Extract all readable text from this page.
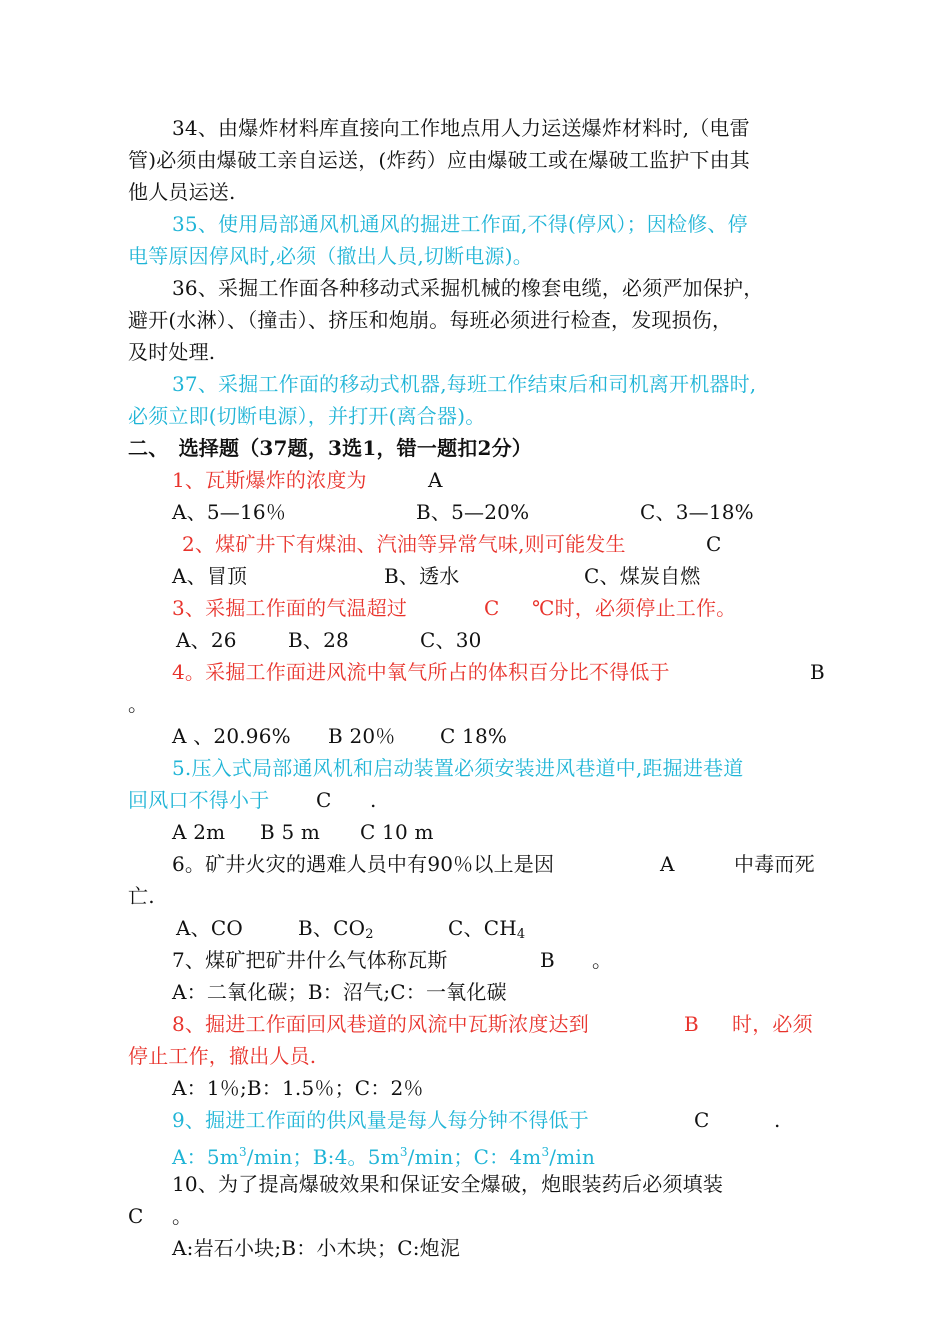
34、由爆炸材料库直接向工作地点用人力运送爆炸材料时,（电雷
管)必须由爆破工亲自运送，(炸药）应由爆破工或在爆破工监护下由其
他人员运送.
35、使用局部通风机通风的掘进工作面,不得(停风）；因检修、停
电等原因停风时,必须（撤出人员,切断电源)。
36、采掘工作面各种移动式采掘机械的橡套电缆，必须严加保护，
避开(水淋）、（撞击）、挤压和炮崩。每班必须进行检查，发现损伤，
及时处理.
37、采掘工作面的移动式机器,每班工作结束后和司机离开机器时,
必须立即(切断电源），并打开(离合器)。
二、　选择题（37题，3选1，错一题扣2分）
1、瓦斯爆炸的浓度为	A
A、5—16％	B、5—20%	C、3—18%
2、煤矿井下有煤油、汽油等异常气味,则可能发生	C
A、冒顶	B、透水	C、煤炭自燃
3、采掘工作面的气温超过	C ℃时，必须停止工作。
A、26	B、28	C、30
4。采掘工作面进风流中氧气所占的体积百分比不得低于	B
。
A 、20.96% B 20％ C 18%
5.压入式局部通风机和启动装置必须安装进风巷道中,距掘进巷道
回风口不得小于 C .
A 2m B 5 m C 10 m
6。矿井火灾的遇难人员中有90％以上是因	A	中毒而死
亡.
A、CO	B、$CO_2$	C、$CH_4$
7、煤矿把矿井什么气体称瓦斯	B 。
A：二氧化碳；B：沼气;C：一氧化碳
8、掘进工作面回风巷道的风流中瓦斯浓度达到	B 时，必须
停止工作，撤出人员.
A：1％;B：1.5％；C：2％
9、掘进工作面的供风量是每人每分钟不得低于	C	.
A：$5m^3/\min$；B:4。$5m^3/\min$；C：$4m^3/\min$
10、为了提高爆破效果和保证安全爆破，炮眼装药后必须填装
C 。
A:岩石小块;B：小木块；C:炮泥
